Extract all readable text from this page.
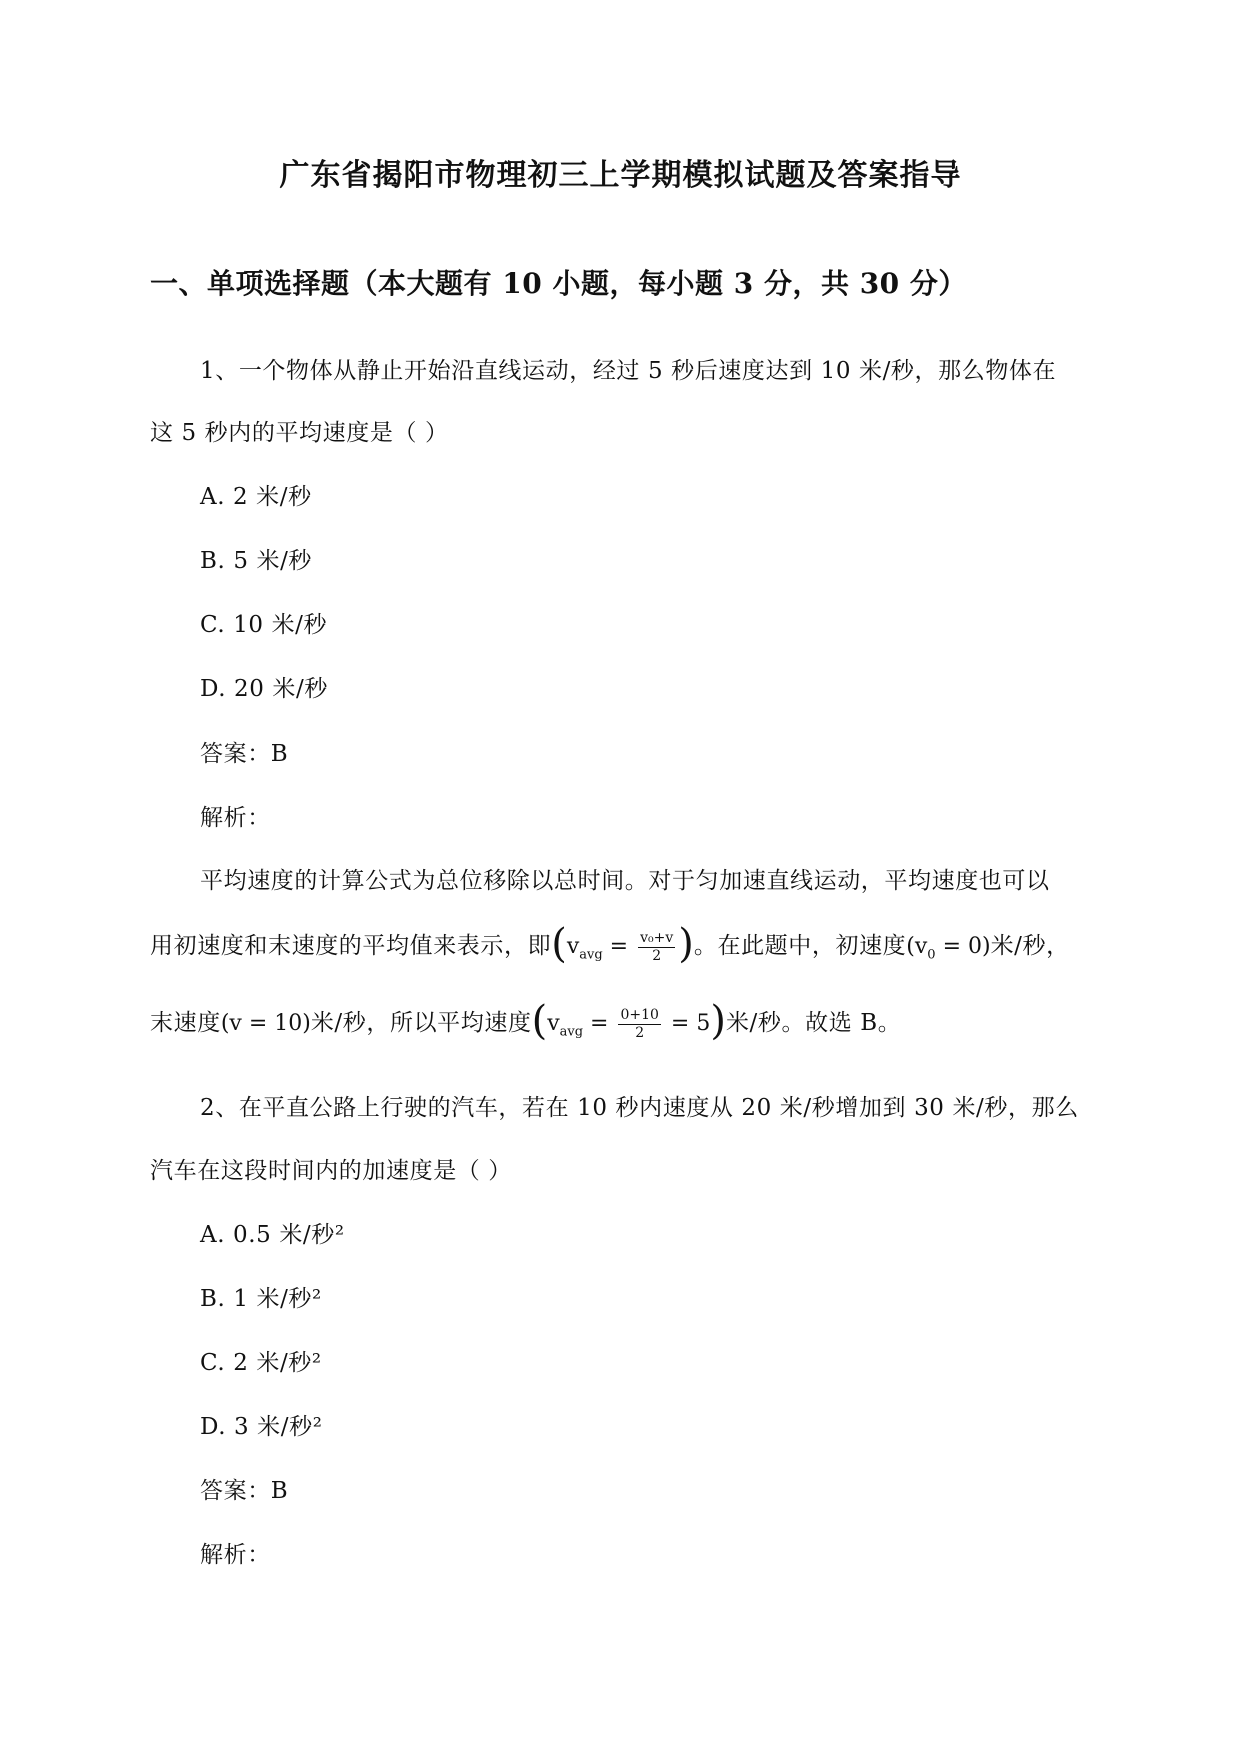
广东省揭阳市物理初三上学期模拟试题及答案指导
一、单项选择题（本大题有 10 小题，每小题 3 分，共 30 分）
1、一个物体从静止开始沿直线运动，经过 5 秒后速度达到 10 米/秒，那么物体在
这 5 秒内的平均速度是（ ）
A. 2 米/秒
B. 5 米/秒
C. 10 米/秒
D. 20 米/秒
答案：B
解析：
平均速度的计算公式为总位移除以总时间。对于匀加速直线运动，平均速度也可以
用初速度和末速度的平均值来表示，即($v_{avg} = \frac{\text{v₀+v}}{2}$ )。在此题中，初速度$(v_0 = 0)$米/秒，
末速度(v = 10)米/秒，所以平均速度$(v_{avg} = \frac{0+10}{2} = 5)$米/秒。故选 B。
2、在平直公路上行驶的汽车，若在 10 秒内速度从 20 米/秒增加到 30 米/秒，那么
汽车在这段时间内的加速度是（ ）
A. 0.5 米/秒²
B. 1 米/秒²
C. 2 米/秒²
D. 3 米/秒²
答案：B
解析：
